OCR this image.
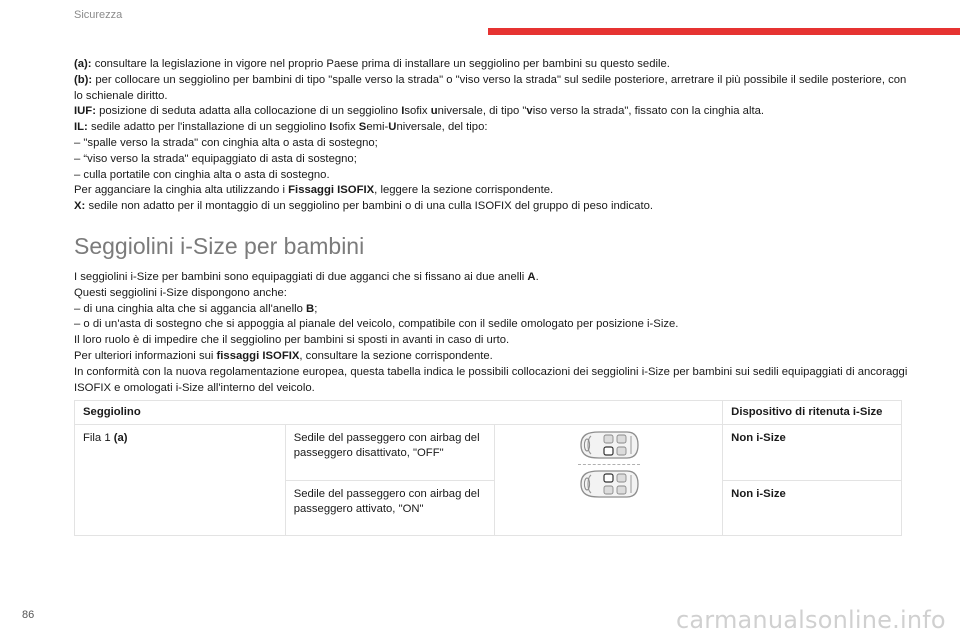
Sicurezza

(a): consultare la legislazione in vigore nel proprio Paese prima di installare un seggiolino per bambini su questo sedile.

(b): per collocare un seggiolino per bambini di tipo "spalle verso la strada" o "viso verso la strada" sul sedile posteriore, arretrare il più possibile il sedile posteriore, con lo schienale diritto.

IUF: posizione di seduta adatta alla collocazione di un seggiolino Isofix universale, di tipo "viso verso la strada", fissato con la cinghia alta.

IL: sedile adatto per l'installazione di un seggiolino Isofix Semi-Universale, del tipo:

– "spalle verso la strada" con cinghia alta o asta di sostegno;

– “viso verso la strada" equipaggiato di asta di sostegno;

– culla portatile con cinghia alta o asta di sostegno.

Per agganciare la cinghia alta utilizzando i Fissaggi ISOFIX, leggere la sezione corrispondente.

X: sedile non adatto per il montaggio di un seggiolino per bambini o di una culla ISOFIX del gruppo di peso indicato.

Seggiolini i-Size per bambini

I seggiolini i-Size per bambini sono equipaggiati di due agganci che si fissano ai due anelli A.

Questi seggiolini i-Size dispongono anche:

– di una cinghia alta che si aggancia all'anello B;

– o di un'asta di sostegno che si appoggia al pianale del veicolo, compatibile con il sedile omologato per posizione i-Size.

Il loro ruolo è di impedire che il seggiolino per bambini si sposti in avanti in caso di urto.

Per ulteriori informazioni sui fissaggi ISOFIX, consultare la sezione corrispondente.

In conformità con la nuova regolamentazione europea, questa tabella indica le possibili collocazioni dei seggiolini i-Size per bambini sui sedili equipaggiati di ancoraggi ISOFIX e omologati i-Size all'interno del veicolo.

Seggiolino			Dispositivo di ritenuta i-Size
Fila 1 (a)	Sedile del passeggero con airbag del passeggero disattivato, "OFF"		Non i-Size
	Sedile del passeggero con airbag del passeggero attivato, "ON"		Non i-Size
86	carmanualsonline.info
